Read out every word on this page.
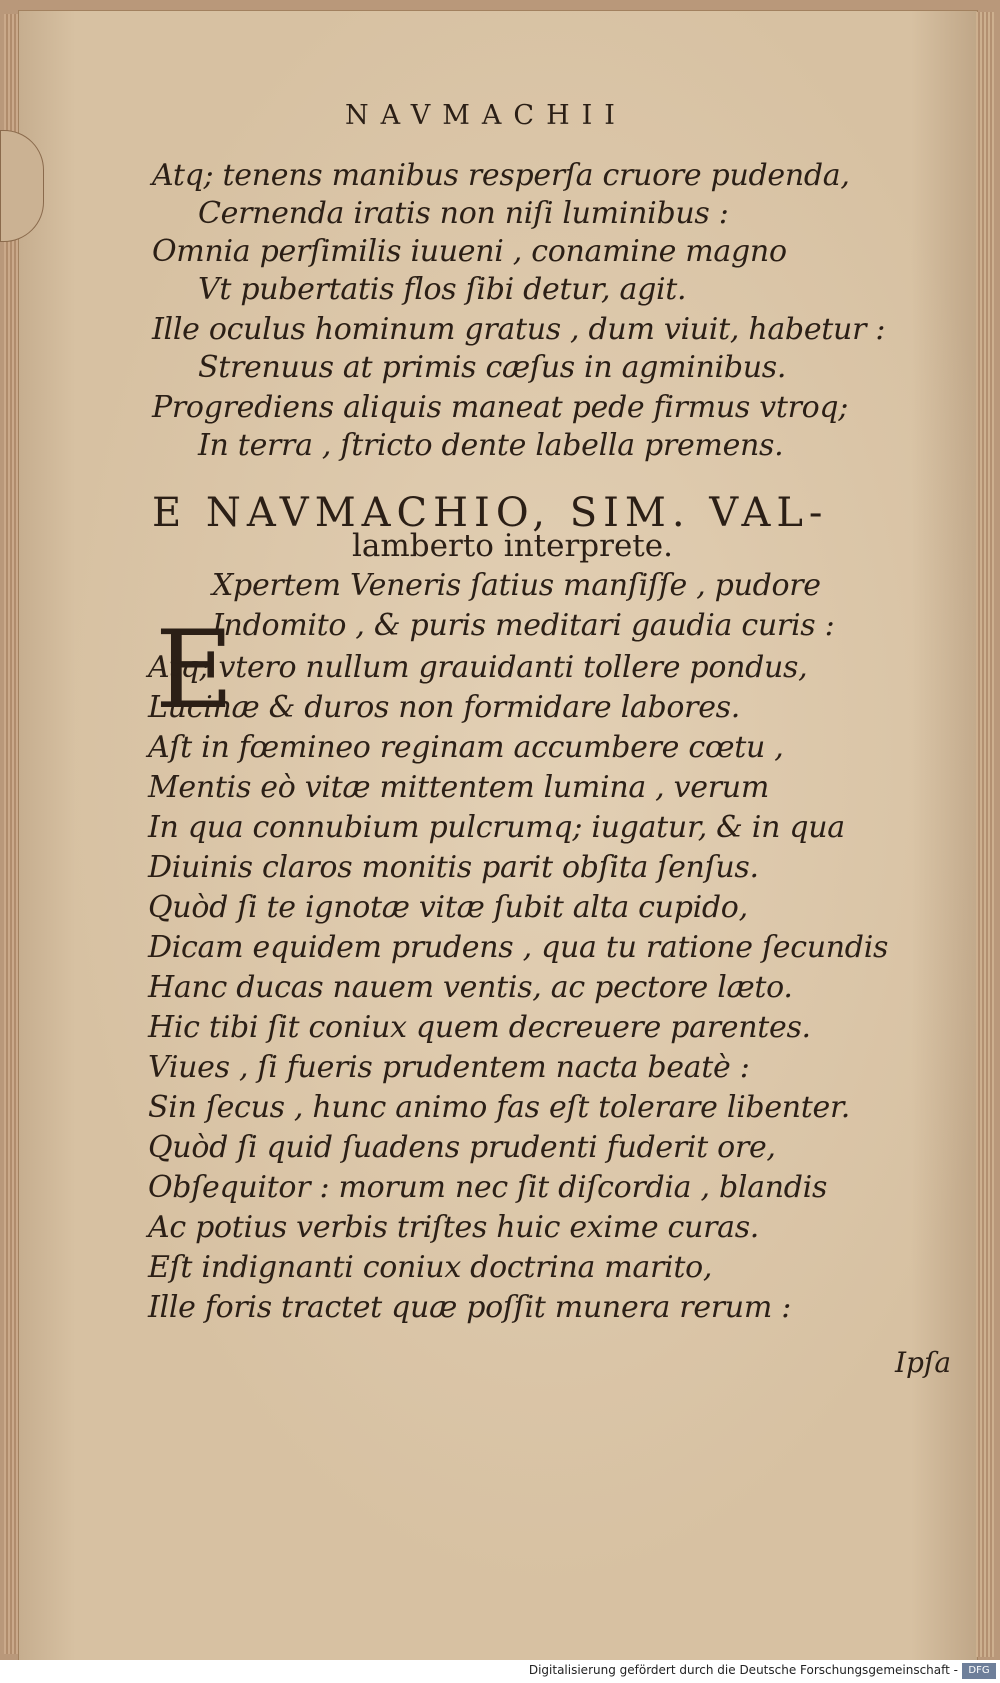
NAVMACHII
Atq; tenens manibus resperſa cruore pudenda,
Cernenda iratis non niſi luminibus :
Omnia perſimilis iuueni , conamine magno
Vt pubertatis flos ſibi detur, agit.
Ille oculus hominum gratus , dum viuit, habetur :
Strenuus at primis cæſus in agminibus.
Progrediens aliquis maneat pede firmus vtroq;
In terra , ſtricto dente labella premens.
E NAVMACHIO, SIM. VAL-
lamberto interprete.
E
Xpertem Veneris ſatius manſiſſe , pudore
Indomito , & puris meditari gaudia curis :
Atq; vtero nullum grauidanti tollere pondus,
Lucinæ & duros non formidare labores.
Aſt in fœmineo reginam accumbere cœtu ,
Mentis eò vitæ mittentem lumina , verum
In qua connubium pulcrumq; iugatur, & in qua
Diuinis claros monitis parit obſita ſenſus.
Quòd ſi te ignotæ vitæ ſubit alta cupido,
Dicam equidem prudens , qua tu ratione ſecundis
Hanc ducas nauem ventis, ac pectore læto.
Hic tibi ſit coniux quem decreuere parentes.
Viues , ſi fueris prudentem nacta beatè :
Sin ſecus , hunc animo fas eſt tolerare libenter.
Quòd ſi quid ſuadens prudenti fuderit ore,
Obſequitor : morum nec ſit diſcordia , blandis
Ac potius verbis triſtes huic exime curas.
Eſt indignanti coniux doctrina marito,
Ille foris tractet quæ poſſit munera rerum :
Ipſa
Digitalisierung gefördert durch die Deutsche Forschungsgemeinschaft -	DFG
